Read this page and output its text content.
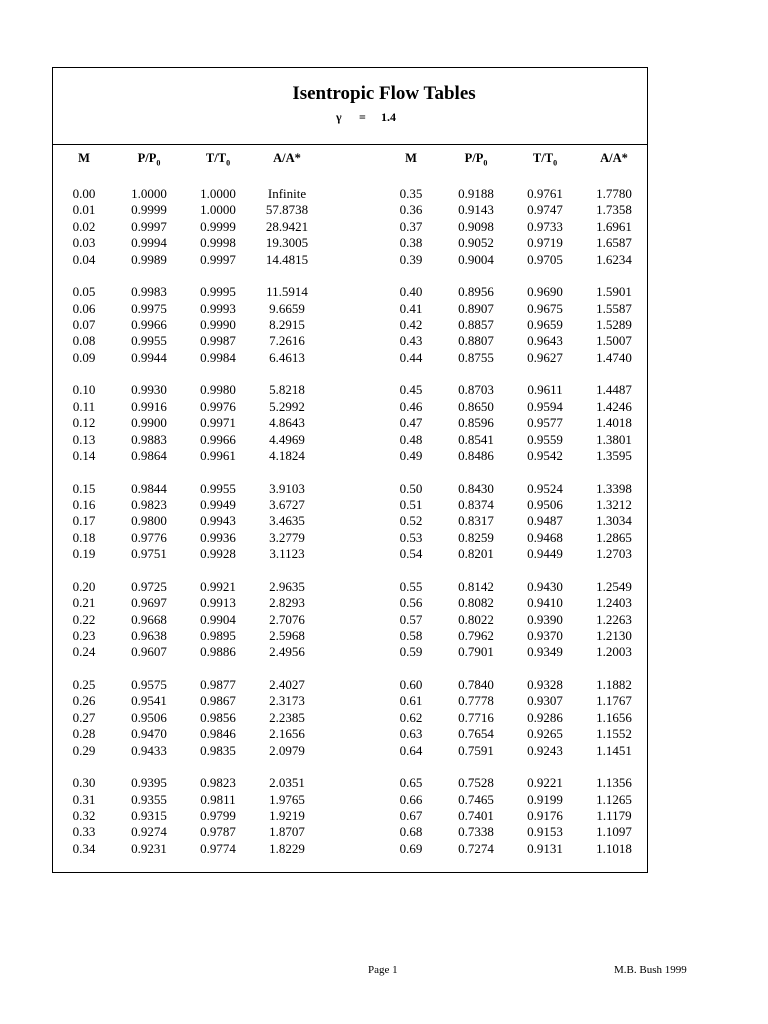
Isentropic Flow Tables
γ = 1.4
M	$P/P_0$	$T/T_0$	A/A*	M	$P/P_0$	$T/T_0$	A/A*
0.00	1.0000	1.0000	Infinite	0.35	0.9188	0.9761	1.7780
0.01	0.9999	1.0000	57.8738	0.36	0.9143	0.9747	1.7358
0.02	0.9997	0.9999	28.9421	0.37	0.9098	0.9733	1.6961
0.03	0.9994	0.9998	19.3005	0.38	0.9052	0.9719	1.6587
0.04	0.9989	0.9997	14.4815	0.39	0.9004	0.9705	1.6234
0.05	0.9983	0.9995	11.5914	0.40	0.8956	0.9690	1.5901
0.06	0.9975	0.9993	9.6659	0.41	0.8907	0.9675	1.5587
0.07	0.9966	0.9990	8.2915	0.42	0.8857	0.9659	1.5289
0.08	0.9955	0.9987	7.2616	0.43	0.8807	0.9643	1.5007
0.09	0.9944	0.9984	6.4613	0.44	0.8755	0.9627	1.4740
0.10	0.9930	0.9980	5.8218	0.45	0.8703	0.9611	1.4487
0.11	0.9916	0.9976	5.2992	0.46	0.8650	0.9594	1.4246
0.12	0.9900	0.9971	4.8643	0.47	0.8596	0.9577	1.4018
0.13	0.9883	0.9966	4.4969	0.48	0.8541	0.9559	1.3801
0.14	0.9864	0.9961	4.1824	0.49	0.8486	0.9542	1.3595
0.15	0.9844	0.9955	3.9103	0.50	0.8430	0.9524	1.3398
0.16	0.9823	0.9949	3.6727	0.51	0.8374	0.9506	1.3212
0.17	0.9800	0.9943	3.4635	0.52	0.8317	0.9487	1.3034
0.18	0.9776	0.9936	3.2779	0.53	0.8259	0.9468	1.2865
0.19	0.9751	0.9928	3.1123	0.54	0.8201	0.9449	1.2703
0.20	0.9725	0.9921	2.9635	0.55	0.8142	0.9430	1.2549
0.21	0.9697	0.9913	2.8293	0.56	0.8082	0.9410	1.2403
0.22	0.9668	0.9904	2.7076	0.57	0.8022	0.9390	1.2263
0.23	0.9638	0.9895	2.5968	0.58	0.7962	0.9370	1.2130
0.24	0.9607	0.9886	2.4956	0.59	0.7901	0.9349	1.2003
0.25	0.9575	0.9877	2.4027	0.60	0.7840	0.9328	1.1882
0.26	0.9541	0.9867	2.3173	0.61	0.7778	0.9307	1.1767
0.27	0.9506	0.9856	2.2385	0.62	0.7716	0.9286	1.1656
0.28	0.9470	0.9846	2.1656	0.63	0.7654	0.9265	1.1552
0.29	0.9433	0.9835	2.0979	0.64	0.7591	0.9243	1.1451
0.30	0.9395	0.9823	2.0351	0.65	0.7528	0.9221	1.1356
0.31	0.9355	0.9811	1.9765	0.66	0.7465	0.9199	1.1265
0.32	0.9315	0.9799	1.9219	0.67	0.7401	0.9176	1.1179
0.33	0.9274	0.9787	1.8707	0.68	0.7338	0.9153	1.1097
0.34	0.9231	0.9774	1.8229	0.69	0.7274	0.9131	1.1018
Page 1	M.B. Bush 1999
